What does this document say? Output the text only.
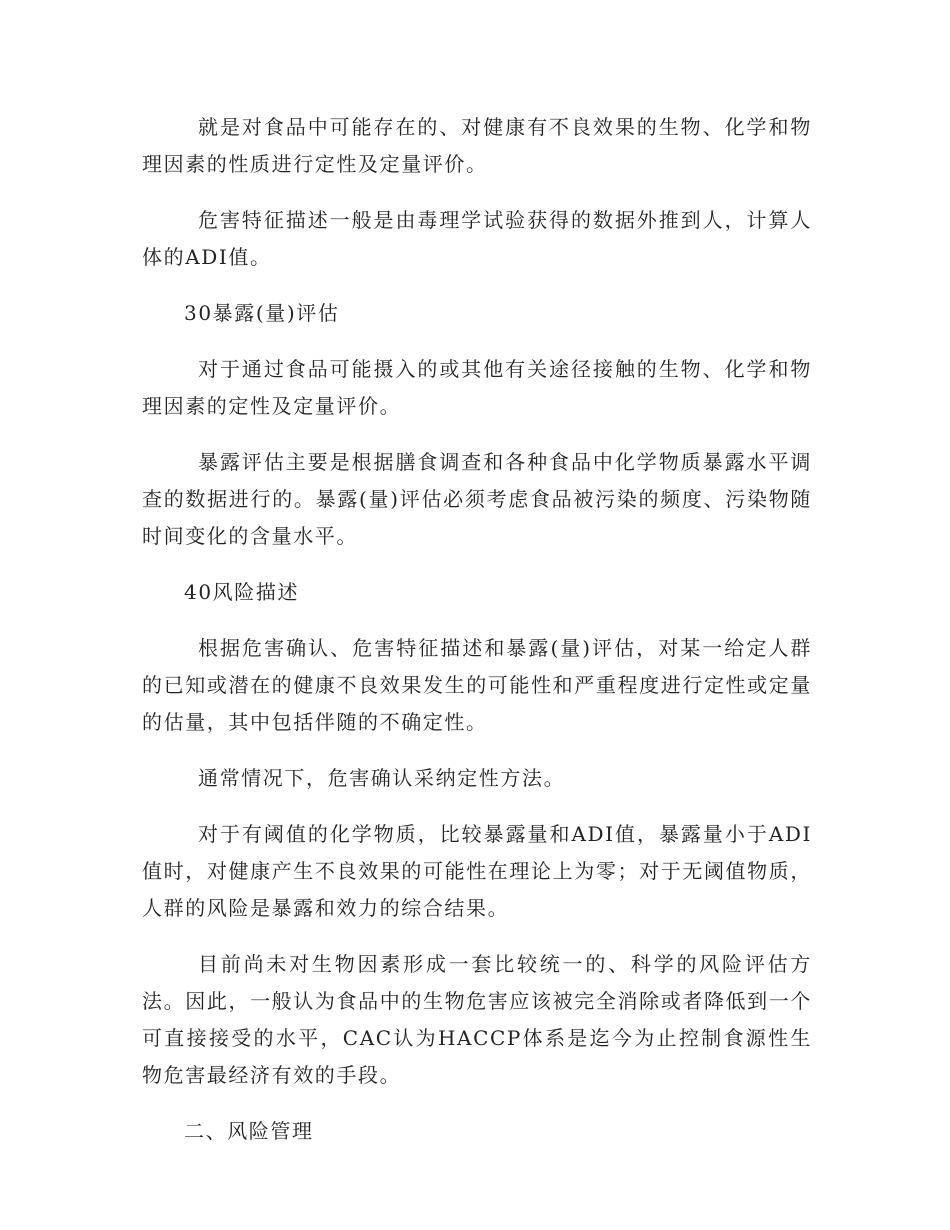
就是对食品中可能存在的、对健康有不良效果的生物、化学和物理因素的性质进行定性及定量评价。

危害特征描述一般是由毒理学试验获得的数据外推到人，计算人体的ADI值。

30暴露(量)评估

对于通过食品可能摄入的或其他有关途径接触的生物、化学和物理因素的定性及定量评价。

暴露评估主要是根据膳食调查和各种食品中化学物质暴露水平调查的数据进行的。暴露(量)评估必须考虑食品被污染的频度、污染物随时间变化的含量水平。

40风险描述

根据危害确认、危害特征描述和暴露(量)评估，对某一给定人群的已知或潜在的健康不良效果发生的可能性和严重程度进行定性或定量的估量，其中包括伴随的不确定性。

通常情况下，危害确认采纳定性方法。

对于有阈值的化学物质，比较暴露量和ADI值，暴露量小于ADI值时，对健康产生不良效果的可能性在理论上为零；对于无阈值物质，人群的风险是暴露和效力的综合结果。

目前尚未对生物因素形成一套比较统一的、科学的风险评估方法。因此，一般认为食品中的生物危害应该被完全消除或者降低到一个可直接接受的水平，CAC认为HACCP体系是迄今为止控制食源性生物危害最经济有效的手段。

二、风险管理
